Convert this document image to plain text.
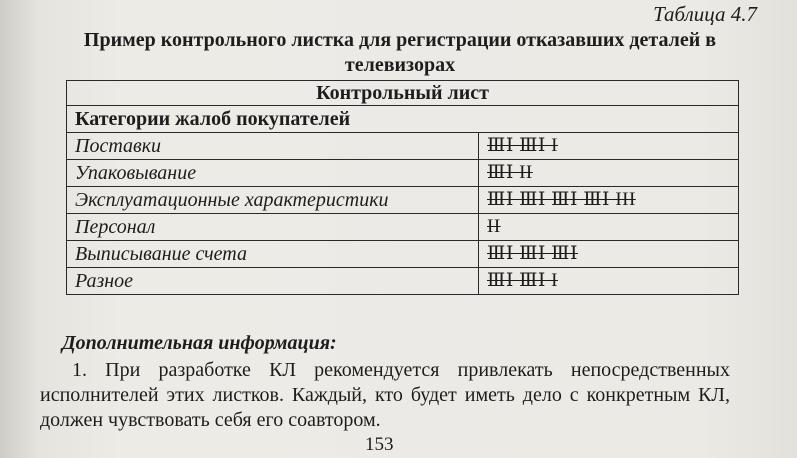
Таблица 4.7
Пример контрольного листка для регистрации отказавших деталей в телевизорах
Контрольный лист	
Категории жалоб покупателей	
Поставки	ⅢⅠ ⅢⅠ I
Упаковывание	ⅢⅠ II
Эксплуатационные характеристики	ⅢⅠ ⅢⅠ ⅢⅠ ⅢⅠ III
Персонал	II
Выписывание счета	ⅢⅠ ⅢⅠ ⅢⅠ
Разное	ⅢⅠ ⅢⅠ I
Дополнительная информация:
1. При разработке КЛ рекомендуется привлекать непосредственных исполнителей этих листков. Каждый, кто будет иметь дело с конкретным КЛ, должен чувствовать себя его соавтором.
153
